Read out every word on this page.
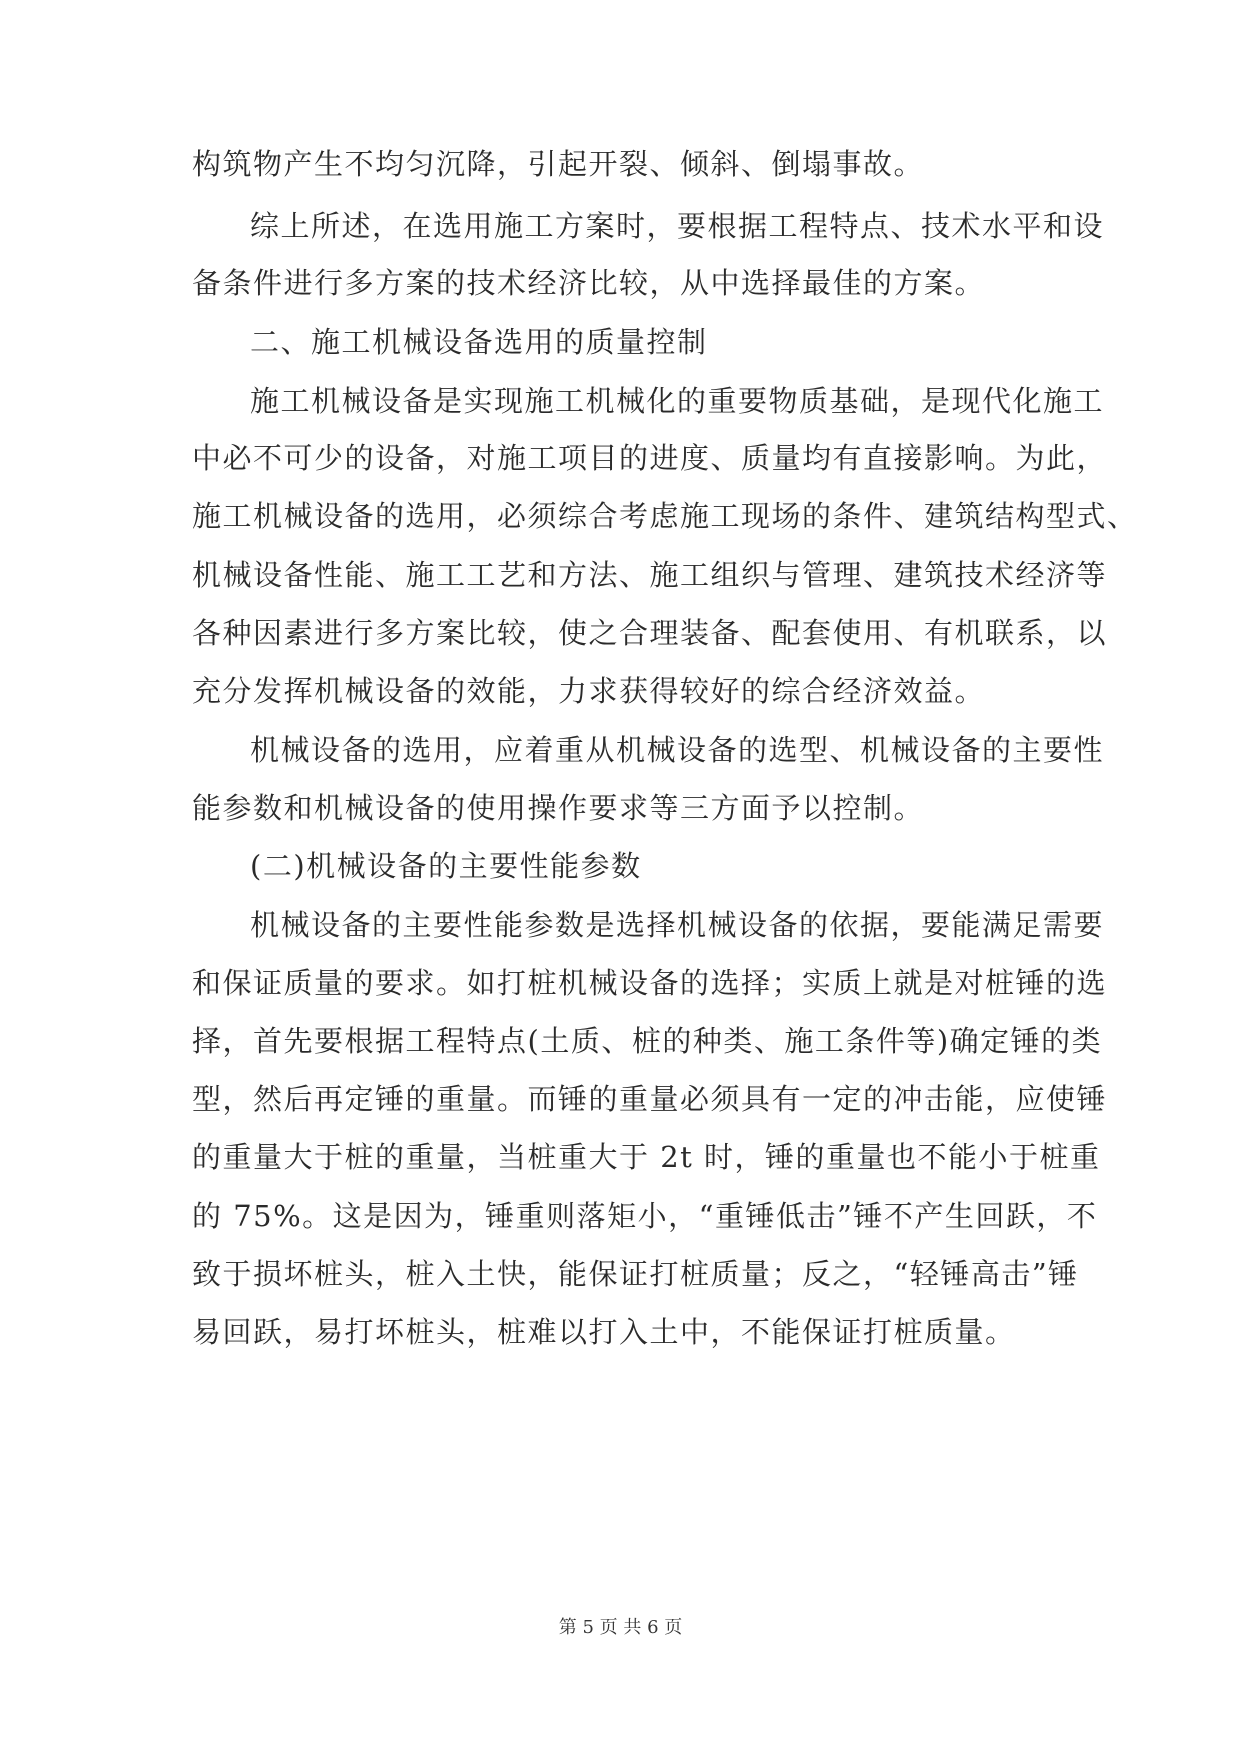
构筑物产生不均匀沉降，引起开裂、倾斜、倒塌事故。
综上所述，在选用施工方案时，要根据工程特点、技术水平和设
备条件进行多方案的技术经济比较，从中选择最佳的方案。
二、施工机械设备选用的质量控制
施工机械设备是实现施工机械化的重要物质基础，是现代化施工
中必不可少的设备，对施工项目的进度、质量均有直接影响。为此，
施工机械设备的选用，必须综合考虑施工现场的条件、建筑结构型式、
机械设备性能、施工工艺和方法、施工组织与管理、建筑技术经济等
各种因素进行多方案比较，使之合理装备、配套使用、有机联系，以
充分发挥机械设备的效能，力求获得较好的综合经济效益。
机械设备的选用，应着重从机械设备的选型、机械设备的主要性
能参数和机械设备的使用操作要求等三方面予以控制。
(二)机械设备的主要性能参数
机械设备的主要性能参数是选择机械设备的依据，要能满足需要
和保证质量的要求。如打桩机械设备的选择；实质上就是对桩锤的选
择，首先要根据工程特点(土质、桩的种类、施工条件等)确定锤的类
型，然后再定锤的重量。而锤的重量必须具有一定的冲击能，应使锤
的重量大于桩的重量，当桩重大于 2t 时，锤的重量也不能小于桩重
的 75%。这是因为，锤重则落矩小，“重锤低击”锤不产生回跃，不
致于损坏桩头，桩入土快，能保证打桩质量；反之，“轻锤高击”锤
易回跃，易打坏桩头，桩难以打入土中，不能保证打桩质量。
第 5 页 共 6 页
